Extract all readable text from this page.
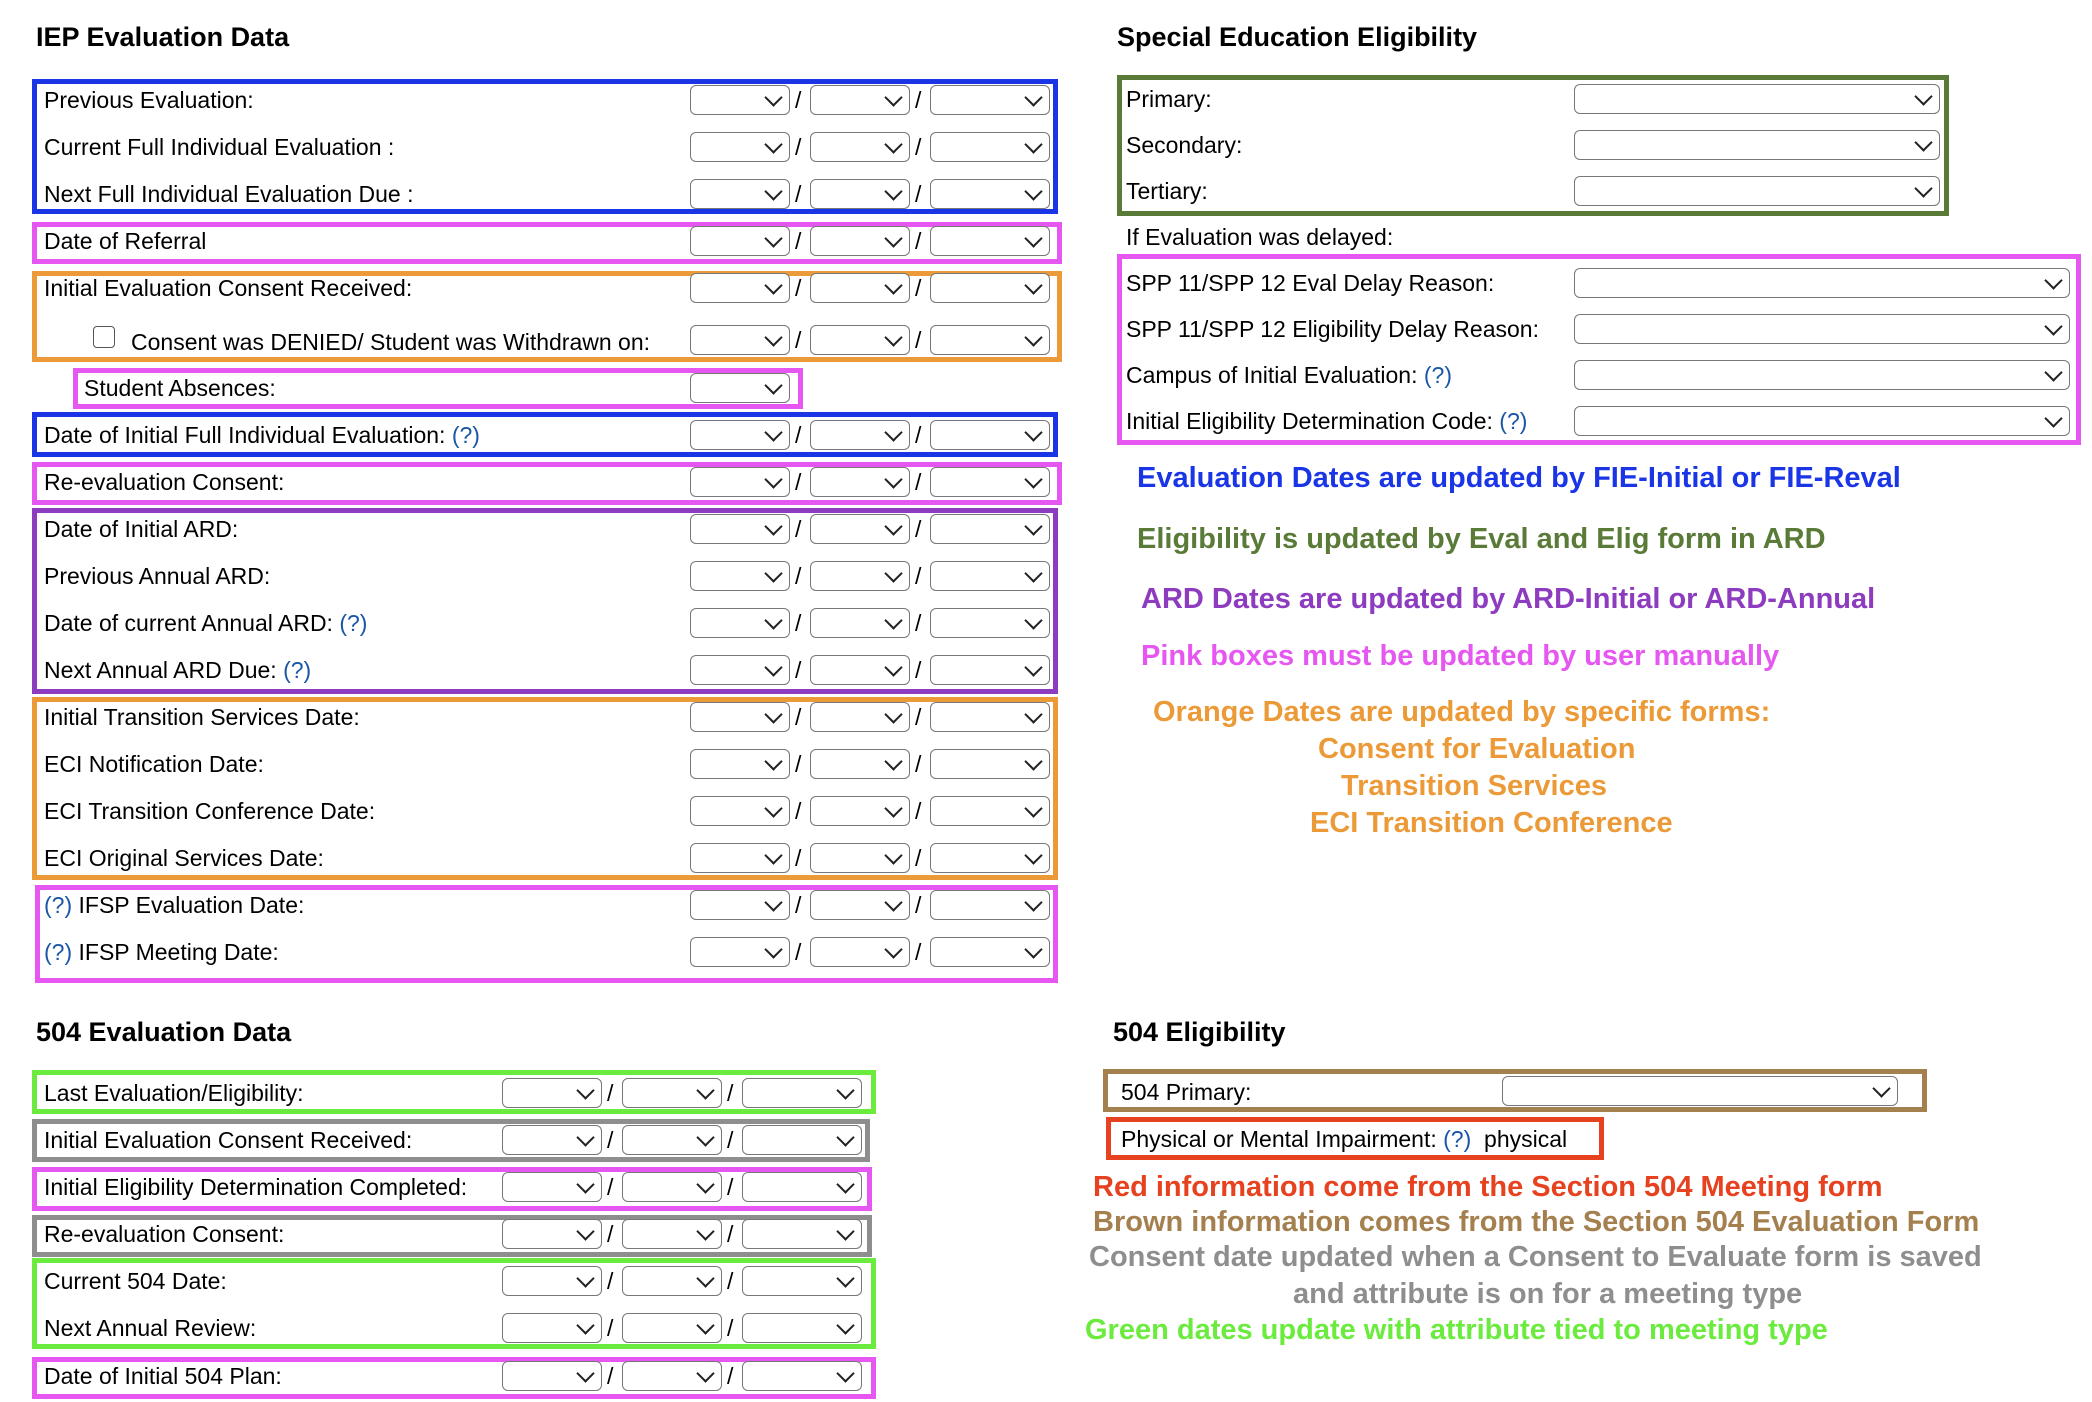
IEP Evaluation Data
Previous Evaluation:	/	/
Current Full Individual Evaluation :	/	/
Next Full Individual Evaluation Due :	/	/
Date of Referral	/	/
Initial Evaluation Consent Received:	/	/
Consent was DENIED/ Student was Withdrawn on:	/	/
Student Absences:
Date of Initial Full Individual Evaluation: (?)	/	/
Re-evaluation Consent:	/	/
Date of Initial ARD:	/	/
Previous Annual ARD:	/	/
Date of current Annual ARD: (?)	/	/
Next Annual ARD Due: (?)	/	/
Initial Transition Services Date:	/	/
ECI Notification Date:	/	/
ECI Transition Conference Date:	/	/
ECI Original Services Date:	/	/
(?) IFSP Evaluation Date:	/	/
(?) IFSP Meeting Date:	/	/
Special Education Eligibility
Primary:
Secondary:
Tertiary:
If Evaluation was delayed:
SPP 11/SPP 12 Eval Delay Reason:
SPP 11/SPP 12 Eligibility Delay Reason:
Campus of Initial Evaluation: (?)
Initial Eligibility Determination Code: (?)
Evaluation Dates are updated by FIE-Initial or FIE-Reval
Eligibility is updated by Eval and Elig form in ARD
ARD Dates are updated by ARD-Initial or ARD-Annual
Pink boxes must be updated by user manually
Orange Dates are updated by specific forms:
Consent for Evaluation
Transition Services
ECI Transition Conference
504 Evaluation Data
Last Evaluation/Eligibility:	/	/
Initial Evaluation Consent Received:	/	/
Initial Eligibility Determination Completed:	/	/
Re-evaluation Consent:	/	/
Current 504 Date:	/	/
Next Annual Review:	/	/
Date of Initial 504 Plan:	/	/
504 Eligibility
504 Primary:
Physical or Mental Impairment: (?) physical
Red information come from the Section 504 Meeting form
Brown information comes from the Section 504 Evaluation Form
Consent date updated when a Consent to Evaluate form is saved
and attribute is on for a meeting type
Green dates update with attribute tied to meeting type
